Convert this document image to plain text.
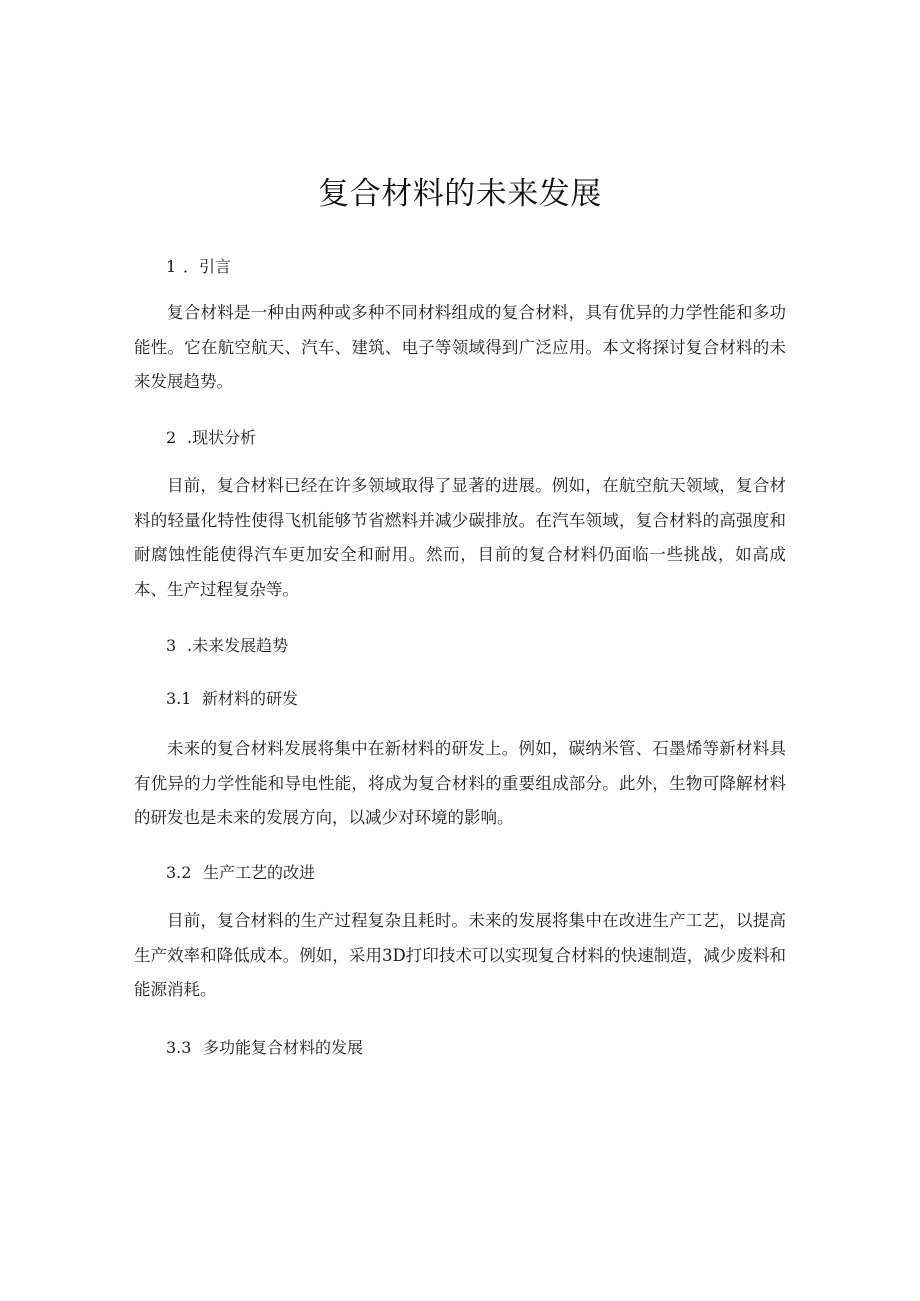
复合材料的未来发展
1 ．引言
复合材料是一种由两种或多种不同材料组成的复合材料，具有优异的力学性能和多功能性。它在航空航天、汽车、建筑、电子等领域得到广泛应用。本文将探讨复合材料的未来发展趋势。
2 .现状分析
目前，复合材料已经在许多领域取得了显著的进展。例如，在航空航天领域，复合材料的轻量化特性使得飞机能够节省燃料并减少碳排放。在汽车领域，复合材料的高强度和耐腐蚀性能使得汽车更加安全和耐用。然而，目前的复合材料仍面临一些挑战，如高成本、生产过程复杂等。
3 .未来发展趋势
3.1 新材料的研发
未来的复合材料发展将集中在新材料的研发上。例如，碳纳米管、石墨烯等新材料具有优异的力学性能和导电性能，将成为复合材料的重要组成部分。此外，生物可降解材料的研发也是未来的发展方向，以减少对环境的影响。
3.2 生产工艺的改进
目前，复合材料的生产过程复杂且耗时。未来的发展将集中在改进生产工艺，以提高生产效率和降低成本。例如，采用3D打印技术可以实现复合材料的快速制造，减少废料和能源消耗。
3.3 多功能复合材料的发展
